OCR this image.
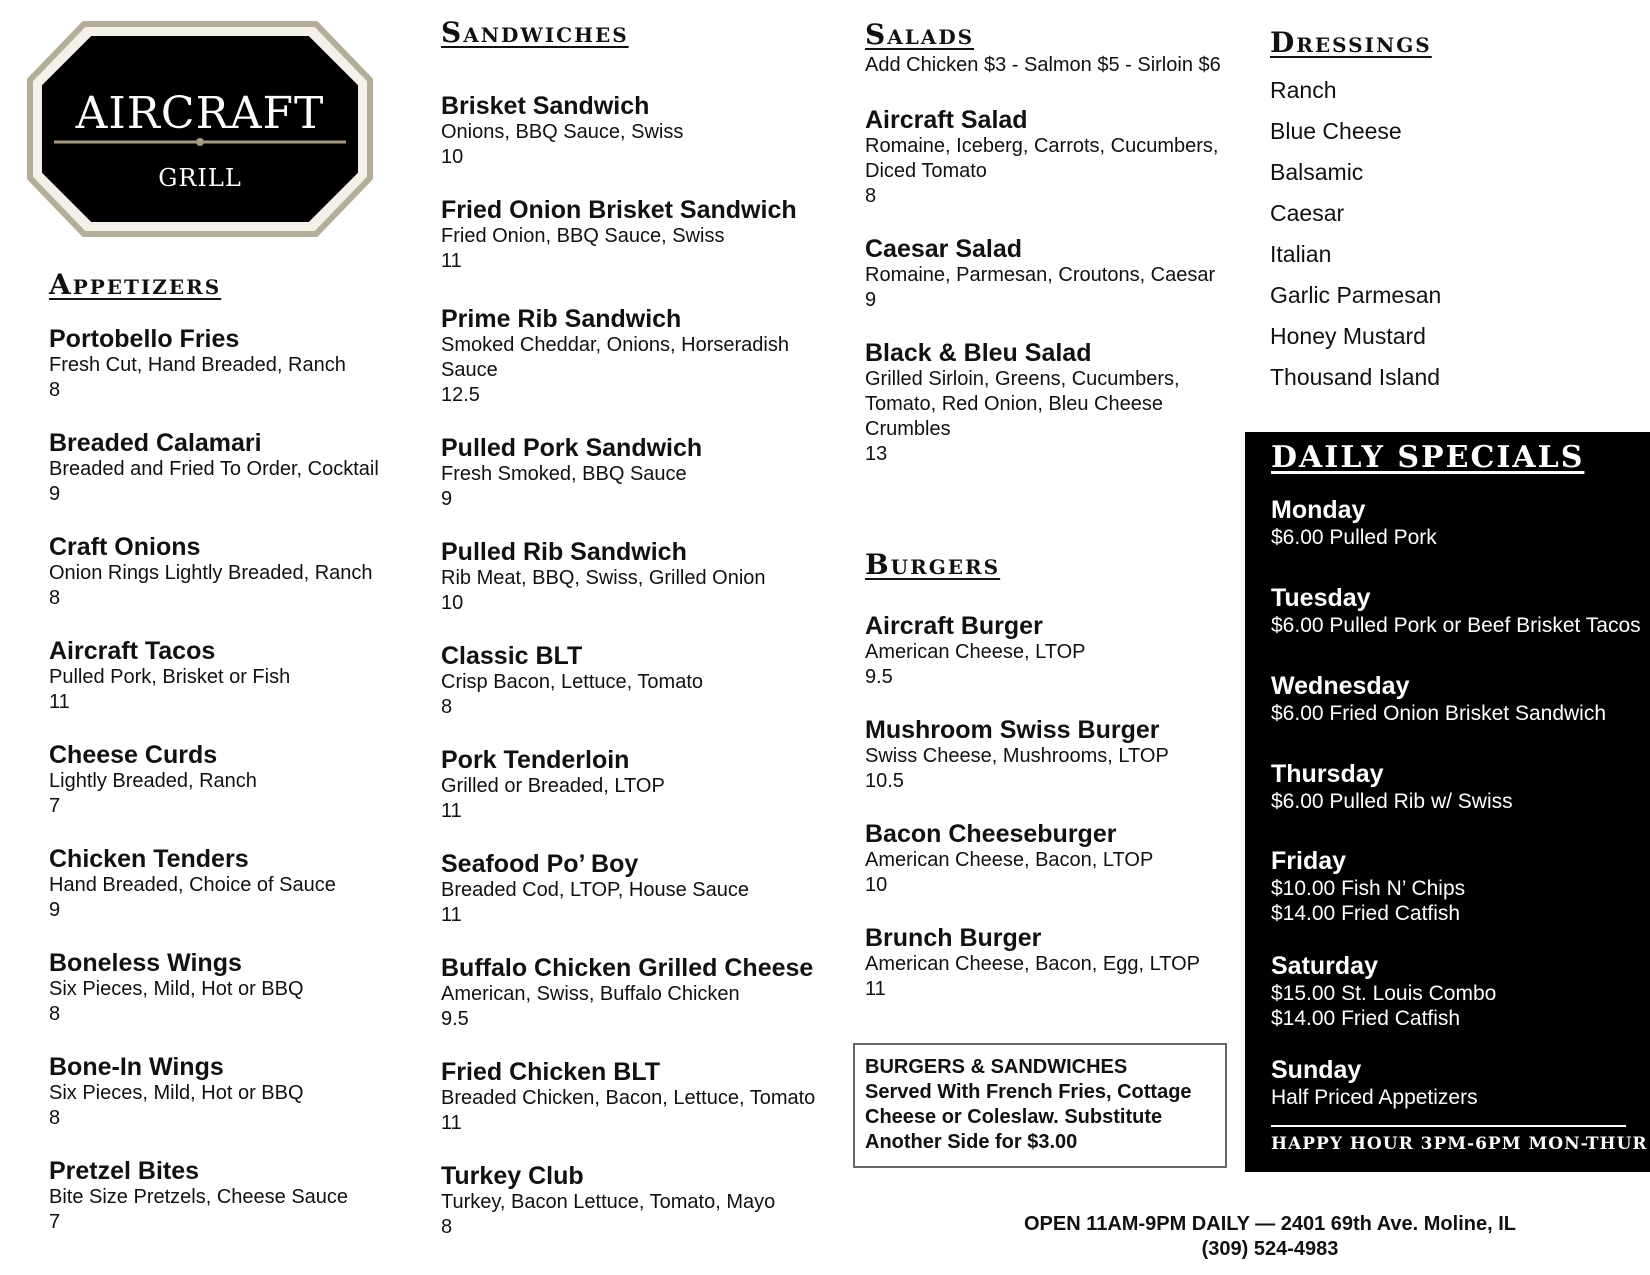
AIRCRAFT
GRILL
Appetizers
Portobello Fries
Fresh Cut, Hand Breaded, Ranch
8
Breaded Calamari
Breaded and Fried To Order, Cocktail
9
Craft Onions
Onion Rings Lightly Breaded, Ranch
8
Aircraft Tacos
Pulled Pork, Brisket or Fish
11
Cheese Curds
Lightly Breaded, Ranch
7
Chicken Tenders
Hand Breaded, Choice of Sauce
9
Boneless Wings
Six Pieces, Mild, Hot or BBQ
8
Bone-In Wings
Six Pieces, Mild, Hot or BBQ
8
Pretzel Bites
Bite Size Pretzels, Cheese Sauce
7
Sandwiches
Brisket Sandwich
Onions, BBQ Sauce, Swiss
10
Fried Onion Brisket Sandwich
Fried Onion, BBQ Sauce, Swiss
11
Prime Rib Sandwich
Smoked Cheddar, Onions, Horseradish Sauce
12.5
Pulled Pork Sandwich
Fresh Smoked, BBQ Sauce
9
Pulled Rib Sandwich
Rib Meat, BBQ, Swiss, Grilled Onion
10
Classic BLT
Crisp Bacon, Lettuce, Tomato
8
Pork Tenderloin
Grilled or Breaded, LTOP
11
Seafood Po’ Boy
Breaded Cod, LTOP, House Sauce
11
Buffalo Chicken Grilled Cheese
American, Swiss, Buffalo Chicken
9.5
Fried Chicken BLT
Breaded Chicken, Bacon, Lettuce, Tomato
11
Turkey Club
Turkey, Bacon Lettuce, Tomato, Mayo
8
Salads
Add Chicken $3 - Salmon $5 - Sirloin $6
Aircraft Salad
Romaine, Iceberg, Carrots, Cucumbers, Diced Tomato
8
Caesar Salad
Romaine, Parmesan, Croutons, Caesar
9
Black & Bleu Salad
Grilled Sirloin, Greens, Cucumbers, Tomato, Red Onion, Bleu Cheese Crumbles
13
Burgers
Aircraft Burger
American Cheese, LTOP
9.5
Mushroom Swiss Burger
Swiss Cheese, Mushrooms, LTOP
10.5
Bacon Cheeseburger
American Cheese, Bacon, LTOP
10
Brunch Burger
American Cheese, Bacon, Egg, LTOP
11
Dressings
Ranch
Blue Cheese
Balsamic
Caesar
Italian
Garlic Parmesan
Honey Mustard
Thousand Island
DAILY SPECIALS
Monday
$6.00 Pulled Pork
Tuesday
$6.00 Pulled Pork or Beef Brisket Tacos
Wednesday
$6.00 Fried Onion Brisket Sandwich
Thursday
$6.00 Pulled Rib w/ Swiss
Friday
$10.00 Fish N’ Chips
$14.00 Fried Catfish
Saturday
$15.00 St. Louis Combo
$14.00 Fried Catfish
Sunday
Half Priced Appetizers
HAPPY HOUR 3PM-6PM MON-THUR
BURGERS & SANDWICHES
Served With French Fries, Cottage Cheese or Coleslaw. Substitute Another Side for $3.00
OPEN 11AM-9PM DAILY — 2401 69th Ave. Moline, IL
(309) 524-4983
